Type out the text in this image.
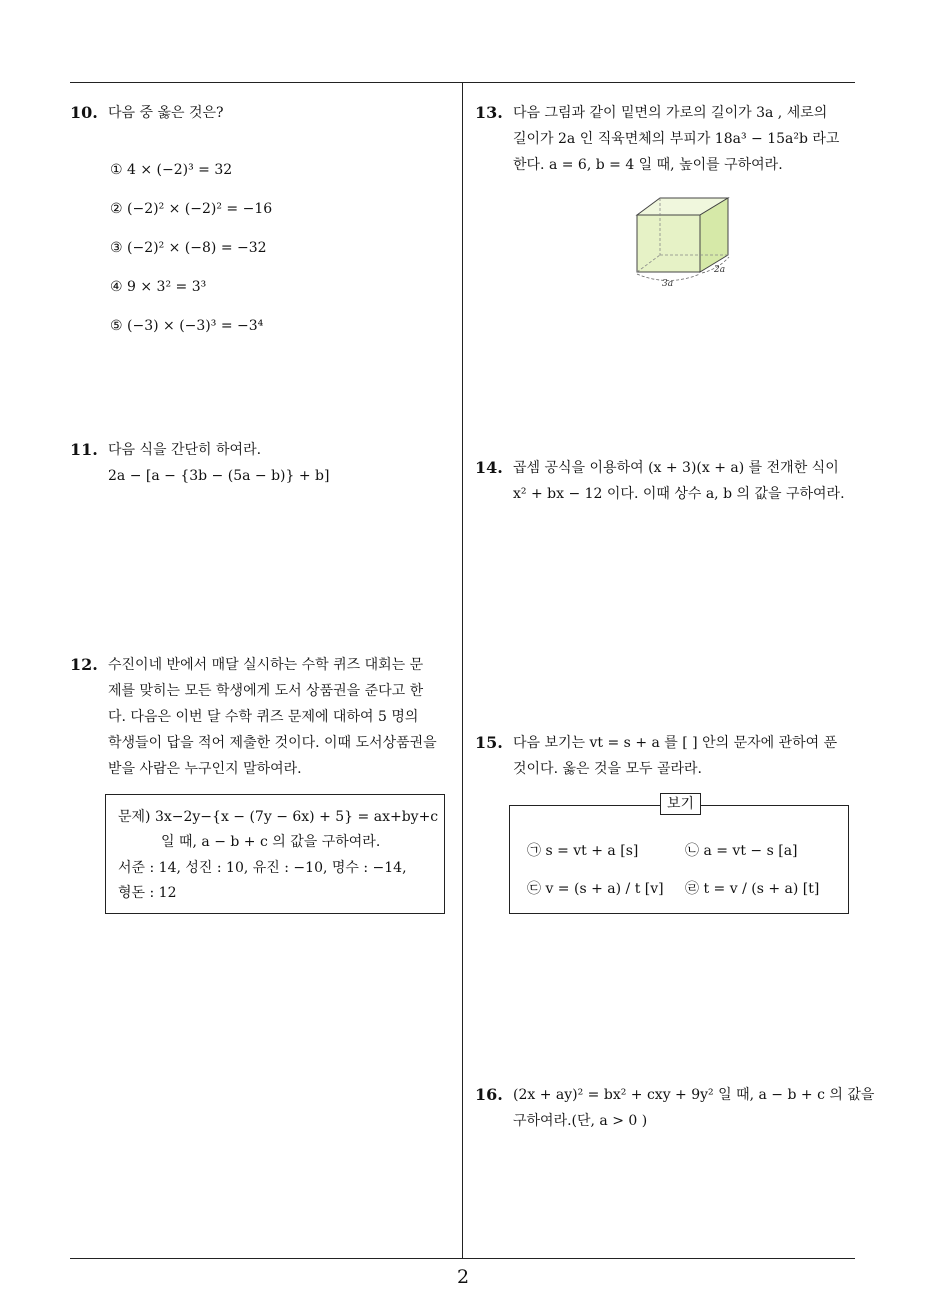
10. 다음 중 옳은 것은?
① 4 × (−2)³ = 32
② (−2)² × (−2)² = −16
③ (−2)² × (−8) = −32
④ 9 × 3² = 3³
⑤ (−3) × (−3)³ = −3⁴
11. 다음 식을 간단히 하여라.
2a − [a − {3b − (5a − b)} + b]
12. 수진이네 반에서 매달 실시하는 수학 퀴즈 대회는 문
제를 맞히는 모든 학생에게 도서 상품권을 준다고 한
다. 다음은 이번 달 수학 퀴즈 문제에 대하여 5 명의
학생들이 답을 적어 제출한 것이다. 이때 도서상품권을
받을 사람은 누구인지 말하여라.
문제) 3x−2y−{x − (7y − 6x) + 5} = ax+by+c
일 때, a − b + c 의 값을 구하여라.
서준 : 14, 성진 : 10, 유진 : −10, 명수 : −14,
형돈 : 12
13. 다음 그림과 같이 밑면의 가로의 길이가 3a , 세로의
길이가 2a 인 직육면체의 부피가 18a³ − 15a²b 라고
한다. a = 6, b = 4 일 때, 높이를 구하여라.
3a
2a
14. 곱셈 공식을 이용하여 (x + 3)(x + a) 를 전개한 식이
x² + bx − 12 이다. 이때 상수 a, b 의 값을 구하여라.
15. 다음 보기는 vt = s + a 를 [ ] 안의 문자에 관하여 푼
것이다. 옳은 것을 모두 골라라.
보기
㉠ s = vt + a [s]	㉡ a = vt − s [a]
㉢ v = (s + a) / t [v] ㉣ t = v / (s + a) [t]
16. (2x + ay)² = bx² + cxy + 9y² 일 때, a − b + c 의 값을
구하여라.(단, a > 0 )
2
